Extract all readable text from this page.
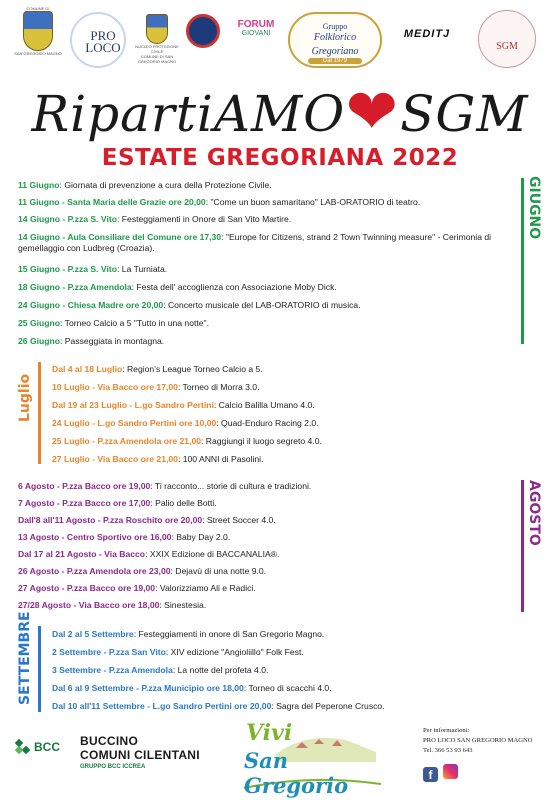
COMUNE DI
SAN GREGORIO MAGNO
PRO LOCO	NUCLEO PROTEZIONE CIVILE
COMUNE DI SAN GREGORIO MAGNO
FORUM
GIOVANI
Gruppo
Folklorico
Gregoriano
Dal 1979
MEDITJ
SGM
RipartiAMO❤SGM
ESTATE GREGORIANA 2022
GIUGNO
11 Giugno: Giornata di prevenzione a cura della Protezione Civile.
11 Giugno - Santa Maria delle Grazie ore 20,00: "Come un buon samaritano" LAB-ORATORIO di teatro.
14 Giugno - P.zza S. Vito: Festeggiamenti in Onore di San Vito Martire.
14 Giugno - Aula Consiliare del Comune ore 17,30: "Europe for Citizens, strand 2 Town Twinning measure" - Cerimonia di gemellaggio con Ludbreg (Croazia).
15 Giugno - P.zza S. Vito: La Turniata.
18 Giugno - P.zza Amendola: Festa dell' accoglienza con Associazione Moby Dick.
24 Giugno - Chiesa Madre ore 20,00: Concerto musicale del LAB-ORATORIO di musica.
25 Giugno: Torneo Calcio a 5 "Tutto in una notte".
26 Giugno: Passeggiata in montagna.
Luglio
Dal 4 al 18 Luglio: Region's League Torneo Calcio a 5.
10 Luglio - Via Bacco ore 17,00: Torneo di Morra 3.0.
Dal 19 al 23 Luglio - L.go Sandro Pertini: Calcio Balilla Umano 4.0.
24 Luglio - L.go Sandro Pertini ore 10,00: Quad-Enduro Racing 2.0.
25 Luglio - P.zza Amendola ore 21,00: Raggiungi il luogo segreto 4.0.
27 Luglio - Via Bacco ore 21,00: 100 ANNI di Pasolini.
AGOSTO
6 Agosto - P.zza Bacco ore 19,00: Ti racconto... storie di cultura e tradizioni.
7 Agosto - P.zza Bacco ore 17,00: Palio delle Botti.
Dall'8 all'11 Agosto - P.zza Roschito ore 20,00: Street Soccer 4.0.
13 Agosto - Centro Sportivo ore 16,00: Baby Day 2.0.
Dal 17 al 21 Agosto - Via Bacco: XXIX Edizione di BACCANALIA®.
26 Agosto - P.zza Amendola ore 23,00: Dejavù di una notte 9.0.
27 Agosto - P.zza Bacco ore 19,00: Valorizziamo Ali e Radici.
27/28 Agosto - Via Bacco ore 18,00: Sinestesia.
SETTEMBRE Dal 2 al 5 Settembre: Festeggiamenti in onore di San Gregorio Magno.
2 Settembre - P.zza San Vito: XIV edizione "Angioliillo" Folk Fest.
3 Settembre - P.zza Amendola: La notte del profeta 4.0.
Dal 6 al 9 Settembre - P.zza Municipio ore 18,00: Torneo di scacchi 4.0.
Dal 10 all'11 Settembre - L.go Sandro Pertini ore 20,00: Sagra del Peperone Crusco.
BCC BUCCINO
COMUNI CILENTANI
GRUPPO BCC ICCREA
Vivi
San Gregorio
Per informazioni:
PRO LOCO SAN GREGORIO MAGNO
Tel. 366 53 93 643
f
